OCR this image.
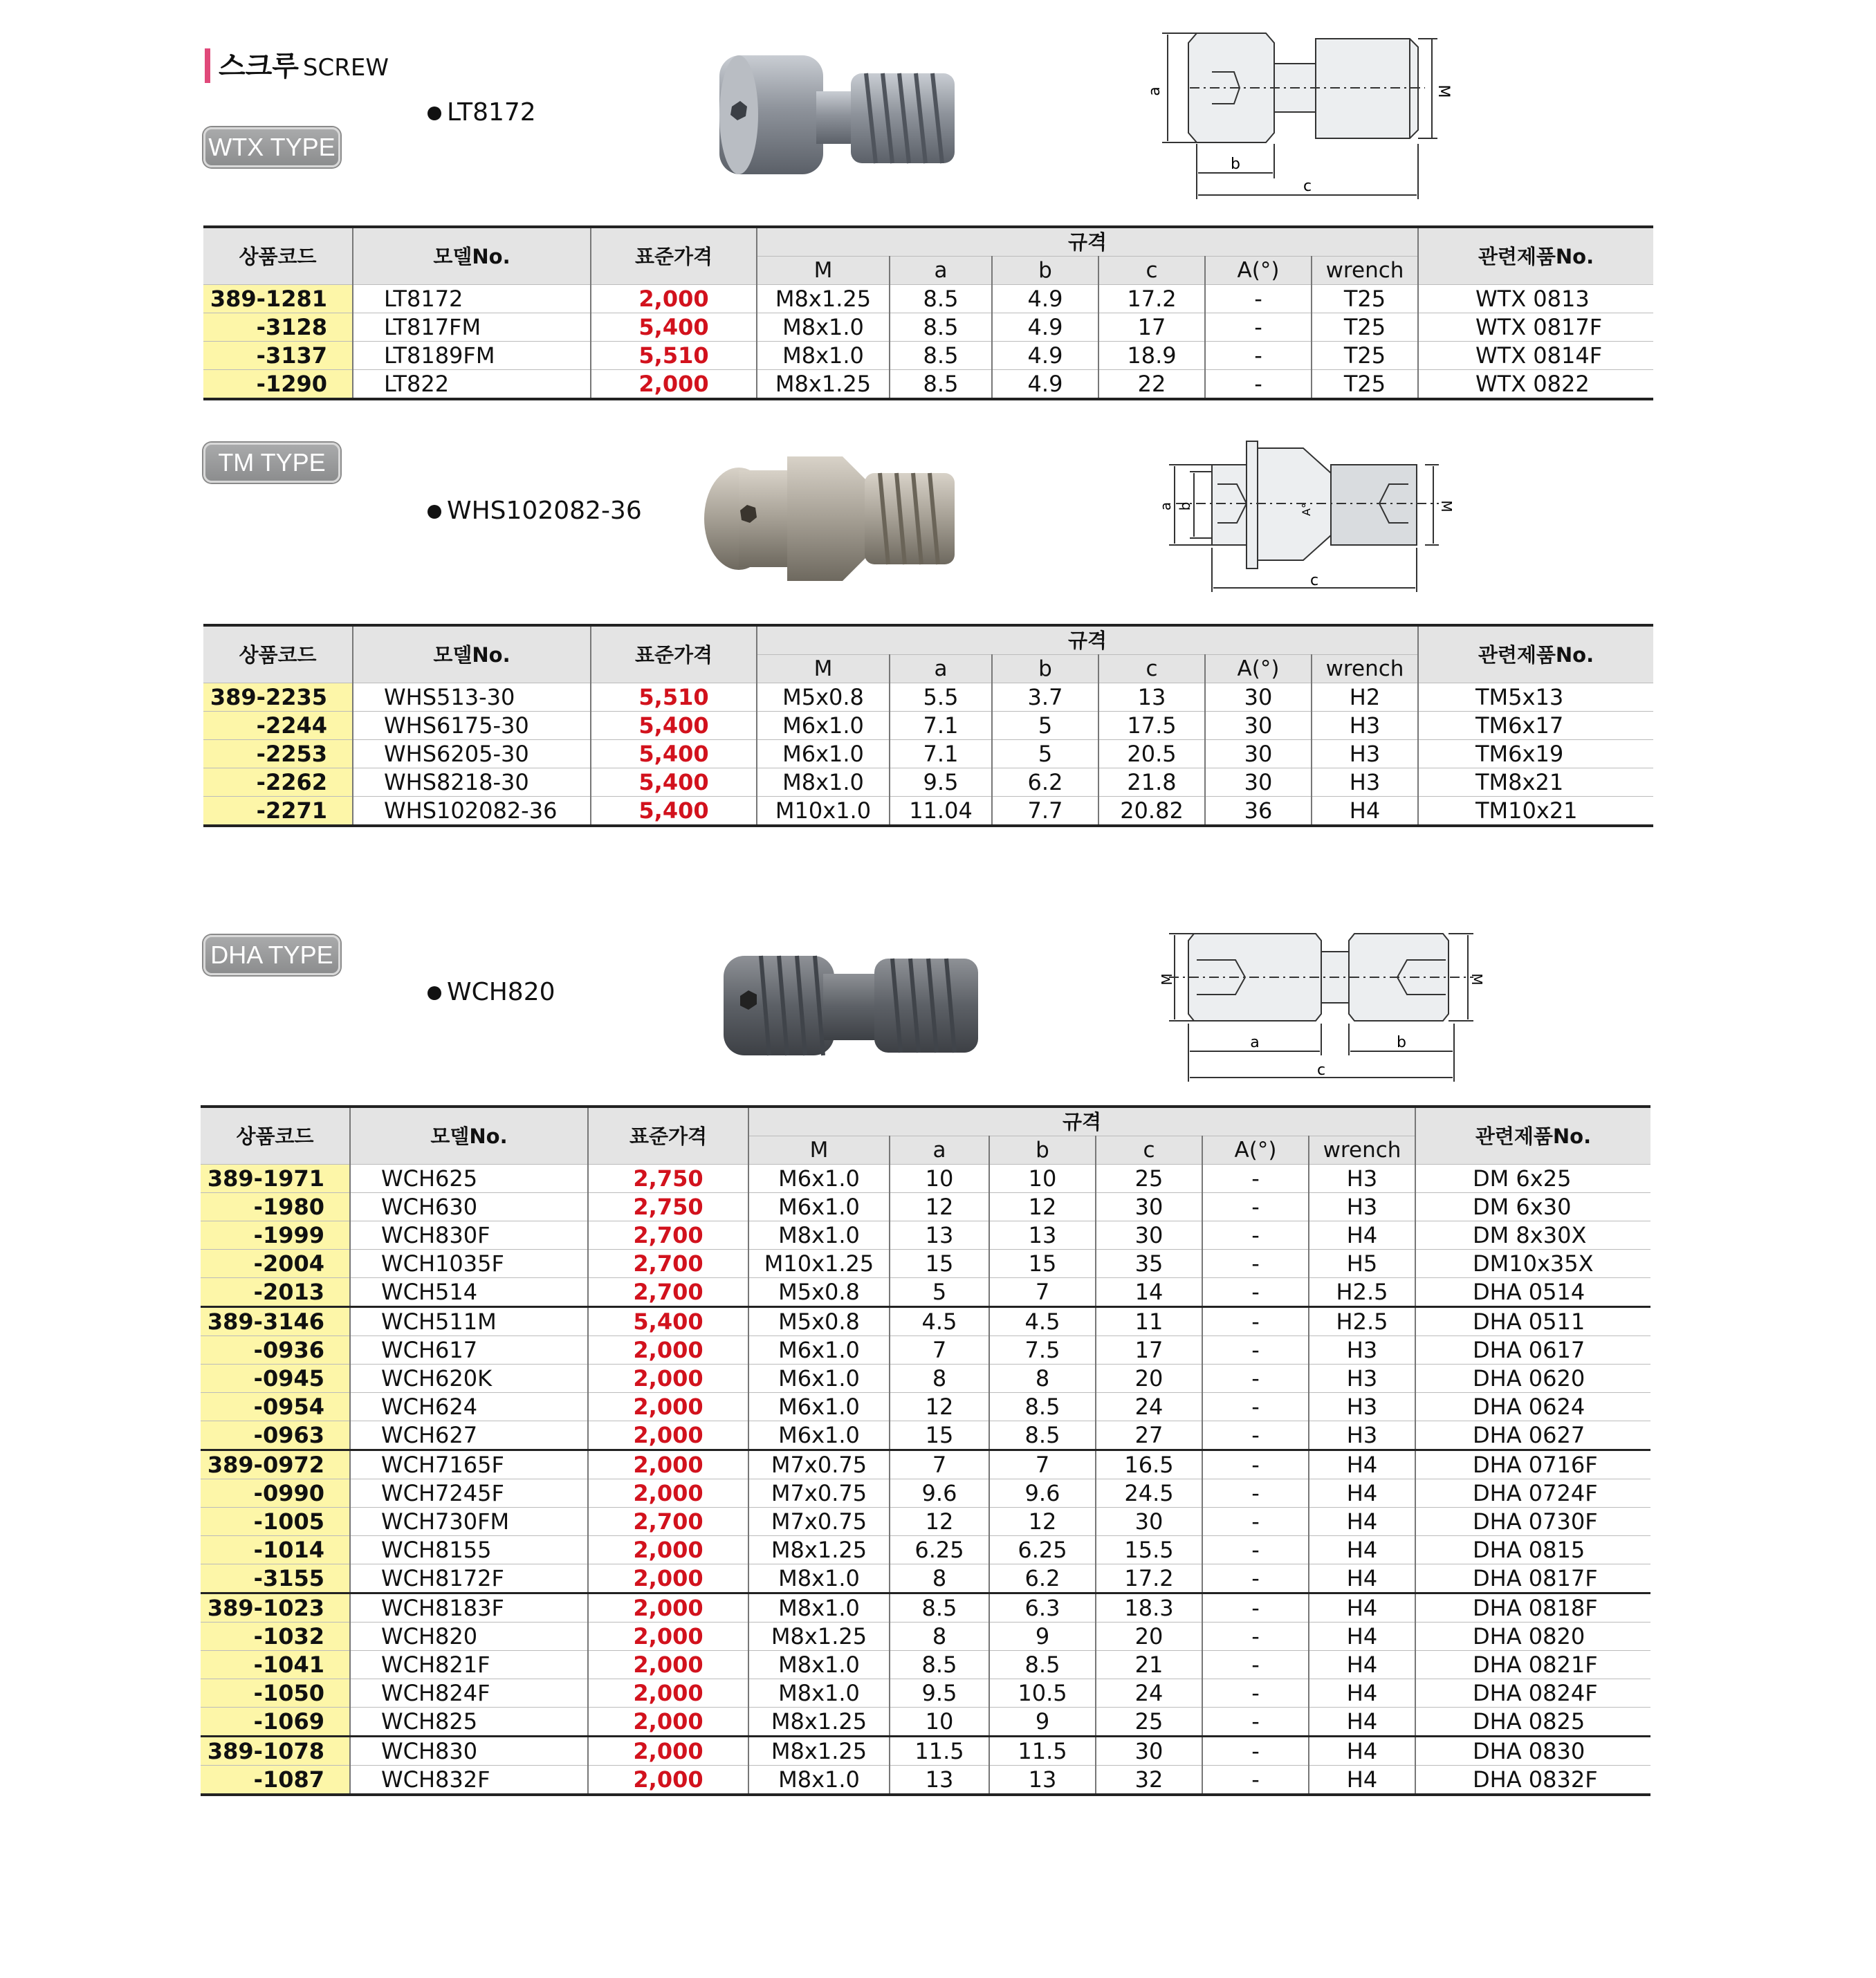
스크루 SCREW
WTX TYPE
LT8172
a	M
b
c
상품코드	모델No.	표준가격	규격						관련제품No.
			M	a	b	c	A(°)	wrench	
389-1281	LT8172	2,000	M8x1.25	8.5	4.9	17.2	-	T25	WTX 0813
-3128	LT817FM	5,400	M8x1.0	8.5	4.9	17	-	T25	WTX 0817F
-3137	LT8189FM	5,510	M8x1.0	8.5	4.9	18.9	-	T25	WTX 0814F
-1290	LT822	2,000	M8x1.25	8.5	4.9	22	-	T25	WTX 0822
TM TYPE
WHS102082-36	a b	M
c
A°
상품코드	모델No.	표준가격	규격						관련제품No.
			M	a	b	c	A(°)	wrench	
389-2235	WHS513-30	5,510	M5x0.8	5.5	3.7	13	30	H2	TM5x13
-2244	WHS6175-30	5,400	M6x1.0	7.1	5	17.5	30	H3	TM6x17
-2253	WHS6205-30	5,400	M6x1.0	7.1	5	20.5	30	H3	TM6x19
-2262	WHS8218-30	5,400	M8x1.0	9.5	6.2	21.8	30	H3	TM8x21
-2271	WHS102082-36	5,400	M10x1.0	11.04	7.7	20.82	36	H4	TM10x21
DHA TYPE
WCH820	M	M
a	b
c
상품코드	모델No.	표준가격	규격						관련제품No.
			M	a	b	c	A(°)	wrench	
389-1971	WCH625	2,750	M6x1.0	10	10	25	-	H3	DM 6x25
-1980	WCH630	2,750	M6x1.0	12	12	30	-	H3	DM 6x30
-1999	WCH830F	2,700	M8x1.0	13	13	30	-	H4	DM 8x30X
-2004	WCH1035F	2,700	M10x1.25	15	15	35	-	H5	DM10x35X
-2013	WCH514	2,700	M5x0.8	5	7	14	-	H2.5	DHA 0514
389-3146	WCH511M	5,400	M5x0.8	4.5	4.5	11	-	H2.5	DHA 0511
-0936	WCH617	2,000	M6x1.0	7	7.5	17	-	H3	DHA 0617
-0945	WCH620K	2,000	M6x1.0	8	8	20	-	H3	DHA 0620
-0954	WCH624	2,000	M6x1.0	12	8.5	24	-	H3	DHA 0624
-0963	WCH627	2,000	M6x1.0	15	8.5	27	-	H3	DHA 0627
389-0972	WCH7165F	2,000	M7x0.75	7	7	16.5	-	H4	DHA 0716F
-0990	WCH7245F	2,000	M7x0.75	9.6	9.6	24.5	-	H4	DHA 0724F
-1005	WCH730FM	2,700	M7x0.75	12	12	30	-	H4	DHA 0730F
-1014	WCH8155	2,000	M8x1.25	6.25	6.25	15.5	-	H4	DHA 0815
-3155	WCH8172F	2,000	M8x1.0	8	6.2	17.2	-	H4	DHA 0817F
389-1023	WCH8183F	2,000	M8x1.0	8.5	6.3	18.3	-	H4	DHA 0818F
-1032	WCH820	2,000	M8x1.25	8	9	20	-	H4	DHA 0820
-1041	WCH821F	2,000	M8x1.0	8.5	8.5	21	-	H4	DHA 0821F
-1050	WCH824F	2,000	M8x1.0	9.5	10.5	24	-	H4	DHA 0824F
-1069	WCH825	2,000	M8x1.25	10	9	25	-	H4	DHA 0825
389-1078	WCH830	2,000	M8x1.25	11.5	11.5	30	-	H4	DHA 0830
-1087	WCH832F	2,000	M8x1.0	13	13	32	-	H4	DHA 0832F
